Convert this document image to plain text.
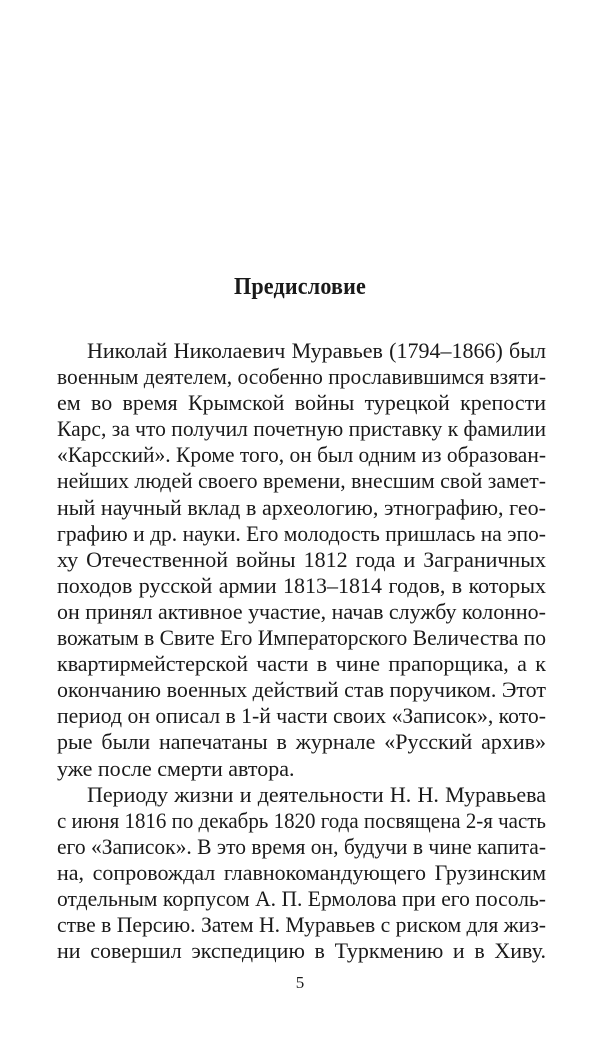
Предисловие
Николай Николаевич Муравьев (1794–1866) был
военным деятелем, особенно прославившимся взяти-
ем во время Крымской войны турецкой крепости
Карс, за что получил почетную приставку к фамилии
«Карсский». Кроме того, он был одним из образован-
нейших людей своего времени, внесшим свой замет-
ный научный вклад в археологию, этнографию, гео-
графию и др. науки. Его молодость пришлась на эпо-
ху Отечественной войны 1812 года и Заграничных
походов русской армии 1813–1814 годов, в которых
он принял активное участие, начав службу колонно-
вожатым в Свите Его Императорского Величества по
квартирмейстерской части в чине прапорщика, а к
окончанию военных действий став поручиком. Этот
период он описал в 1-й части своих «Записок», кото-
рые были напечатаны в журнале «Русский архив»
уже после смерти автора.
Периоду жизни и деятельности Н. Н. Муравьева
с июня 1816 по декабрь 1820 года посвящена 2-я часть
его «Записок». В это время он, будучи в чине капита-
на, сопровождал главнокомандующего Грузинским
отдельным корпусом А. П. Ермолова при его посоль-
стве в Персию. Затем Н. Муравьев с риском для жиз-
ни совершил экспедицию в Туркмению и в Хиву.
5
